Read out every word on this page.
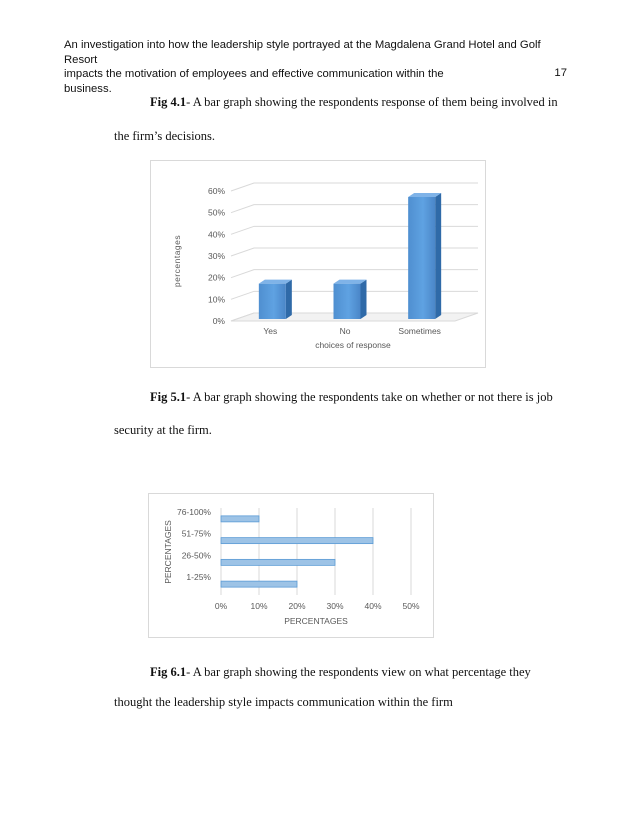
An investigation into how the leadership style portrayed at the Magdalena Grand Hotel and Golf Resort
impacts the motivation of employees and effective communication within the
business.
17
Fig 4.1- A bar graph showing the respondents response of them being involved in
the firm’s decisions.
0%
10%
20%
30%
40%
50%
60%
Yes	No	Sometimes
choices of response
percentages
Fig 5.1- A bar graph showing the respondents take on whether or not there is job
security at the firm.
0%	10% 20% 30% 40% 50%
1-25%
26-50%
51-75%
76-100%
PERCENTAGES
PERCENTAGES
Fig 6.1- A bar graph showing the respondents view on what percentage they
thought the leadership style impacts communication within the firm
